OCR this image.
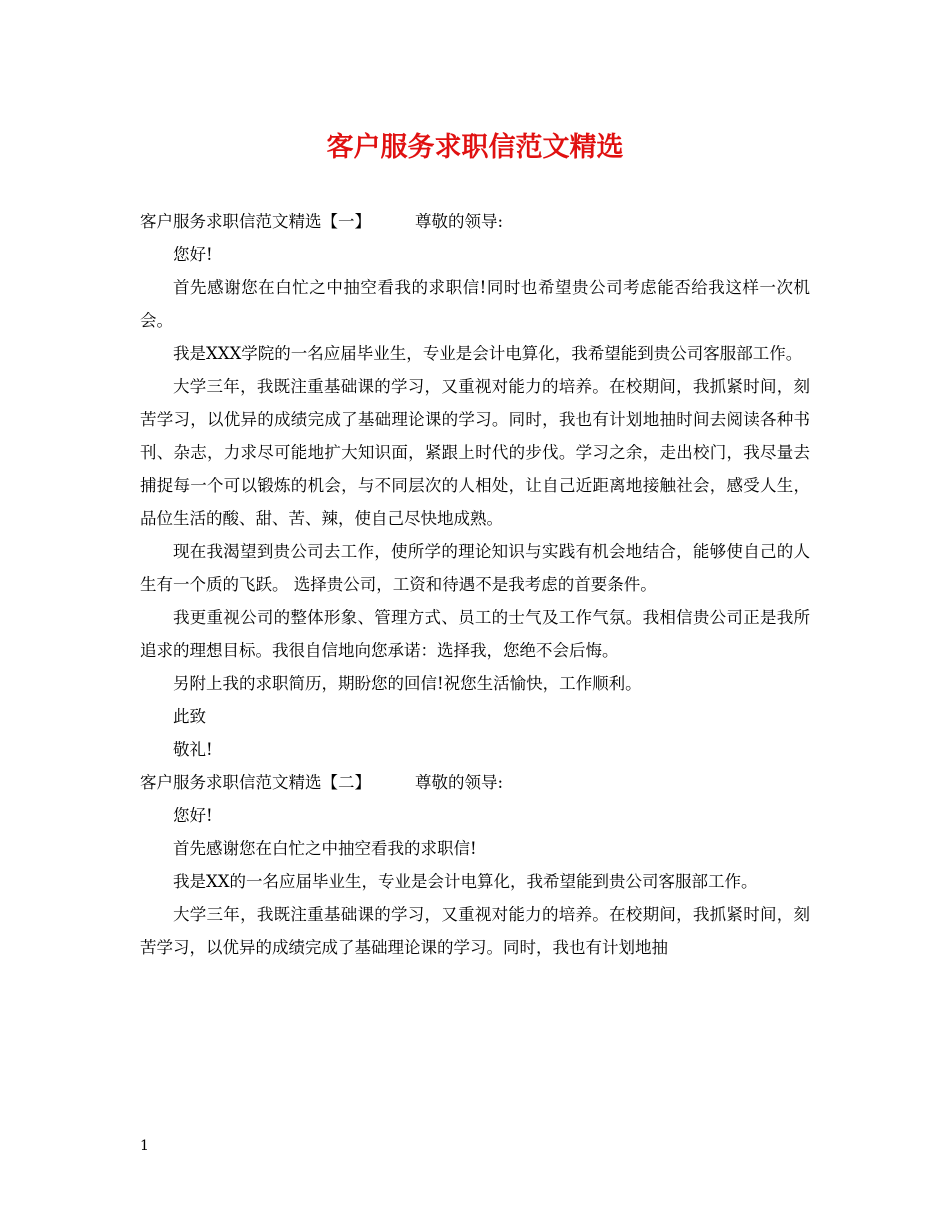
客户服务求职信范文精选

客户服务求职信范文精选【一】	尊敬的领导:

您好!

首先感谢您在白忙之中抽空看我的求职信!同时也希望贵公司考虑能否给我这样一次机会。

我是XXX学院的一名应届毕业生，专业是会计电算化，我希望能到贵公司客服部工作。

大学三年，我既注重基础课的学习，又重视对能力的培养。在校期间，我抓紧时间，刻苦学习，以优异的成绩完成了基础理论课的学习。同时，我也有计划地抽时间去阅读各种书刊、杂志，力求尽可能地扩大知识面，紧跟上时代的步伐。学习之余，走出校门，我尽量去捕捉每一个可以锻炼的机会，与不同层次的人相处，让自己近距离地接触社会，感受人生，品位生活的酸、甜、苦、辣，使自己尽快地成熟。

现在我渴望到贵公司去工作，使所学的理论知识与实践有机会地结合，能够使自己的人生有一个质的飞跃。 选择贵公司，工资和待遇不是我考虑的首要条件。

我更重视公司的整体形象、管理方式、员工的士气及工作气氛。我相信贵公司正是我所追求的理想目标。我很自信地向您承诺：选择我，您绝不会后悔。

另附上我的求职简历，期盼您的回信!祝您生活愉快，工作顺利。

此致

敬礼!

客户服务求职信范文精选【二】	尊敬的领导:

您好!

首先感谢您在白忙之中抽空看我的求职信!

我是XX的一名应届毕业生，专业是会计电算化，我希望能到贵公司客服部工作。

大学三年，我既注重基础课的学习，又重视对能力的培养。在校期间，我抓紧时间，刻苦学习，以优异的成绩完成了基础理论课的学习。同时，我也有计划地抽

1
